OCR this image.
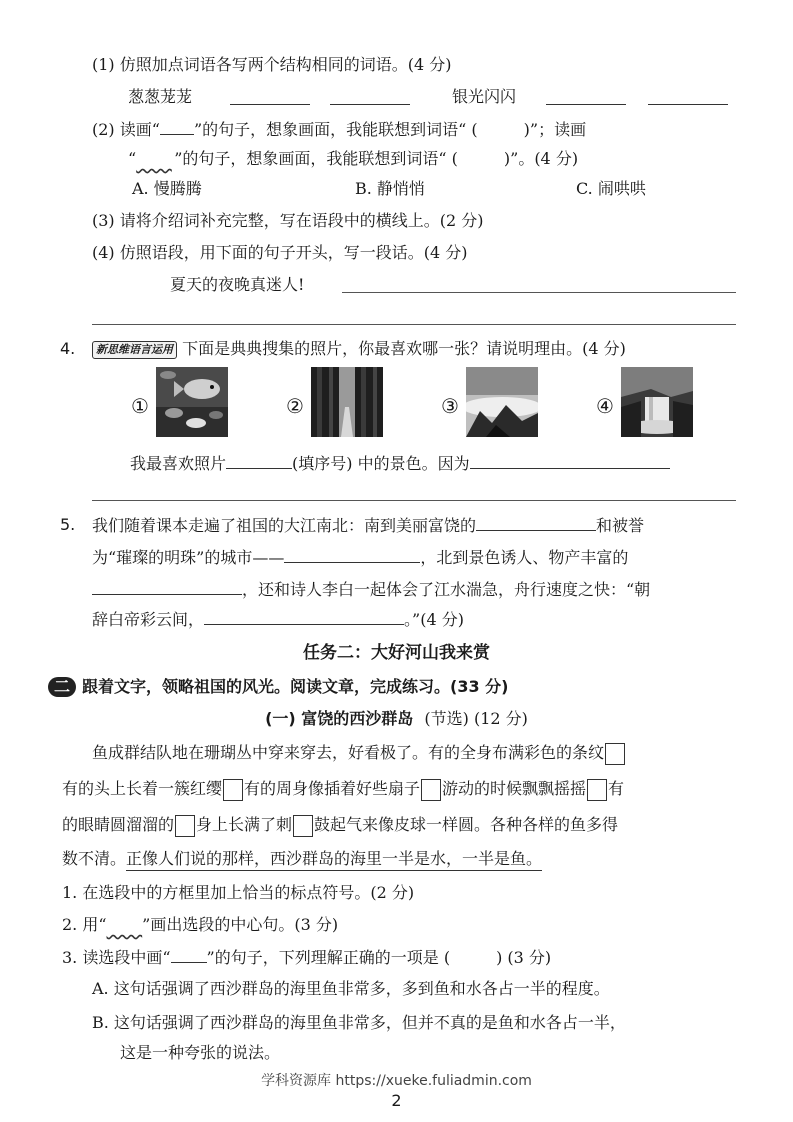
(1) 仿照加点词语各写两个结构相同的词语。(4 分)
葱葱茏茏	银光闪闪
(2) 读画“ ”的句子，想象画面，我能联想到词语“ (	)”；读画
“ ”的句子，想象画面，我能联想到词语“ (	)”。(4 分)
A. 慢腾腾	B. 静悄悄	C. 闹哄哄
(3) 请将介绍词补充完整，写在语段中的横线上。(2 分)
(4) 仿照语段，用下面的句子开头，写一段话。(4 分)
夏天的夜晚真迷人!
4.	新思维语言运用 下面是典典搜集的照片，你最喜欢哪一张？请说明理由。(4 分)
①	②	③	④
我最喜欢照片	(填序号) 中的景色。因为
5. 我们随着课本走遍了祖国的大江南北：南到美丽富饶的	和被誉
为“璀璨的明珠”的城市——	，北到景色诱人、物产丰富的
，还和诗人李白一起体会了江水湍急，舟行速度之快：“朝
辞白帝彩云间，	。”(4 分)
任务二：大好河山我来赏
二 跟着文字，领略祖国的风光。阅读文章，完成练习。(33 分)
(一) 富饶的西沙群岛 (节选) (12 分)
鱼成群结队地在珊瑚丛中穿来穿去，好看极了。有的全身布满彩色的条纹
有的头上长着一簇红缨 有的周身像插着好些扇子 游动的时候飘飘摇摇 有
的眼睛圆溜溜的 身上长满了刺 鼓起气来像皮球一样圆。各种各样的鱼多得
数不清。正像人们说的那样，西沙群岛的海里一半是水，一半是鱼。
1. 在选段中的方框里加上恰当的标点符号。(2 分)
2. 用“ ”画出选段的中心句。(3 分)
3. 读选段中画“ ”的句子，下列理解正确的一项是 (	) (3 分)
A. 这句话强调了西沙群岛的海里鱼非常多，多到鱼和水各占一半的程度。
B. 这句话强调了西沙群岛的海里鱼非常多，但并不真的是鱼和水各占一半，
这是一种夸张的说法。
学科资源库 https://xueke.fuliadmin.com
2
